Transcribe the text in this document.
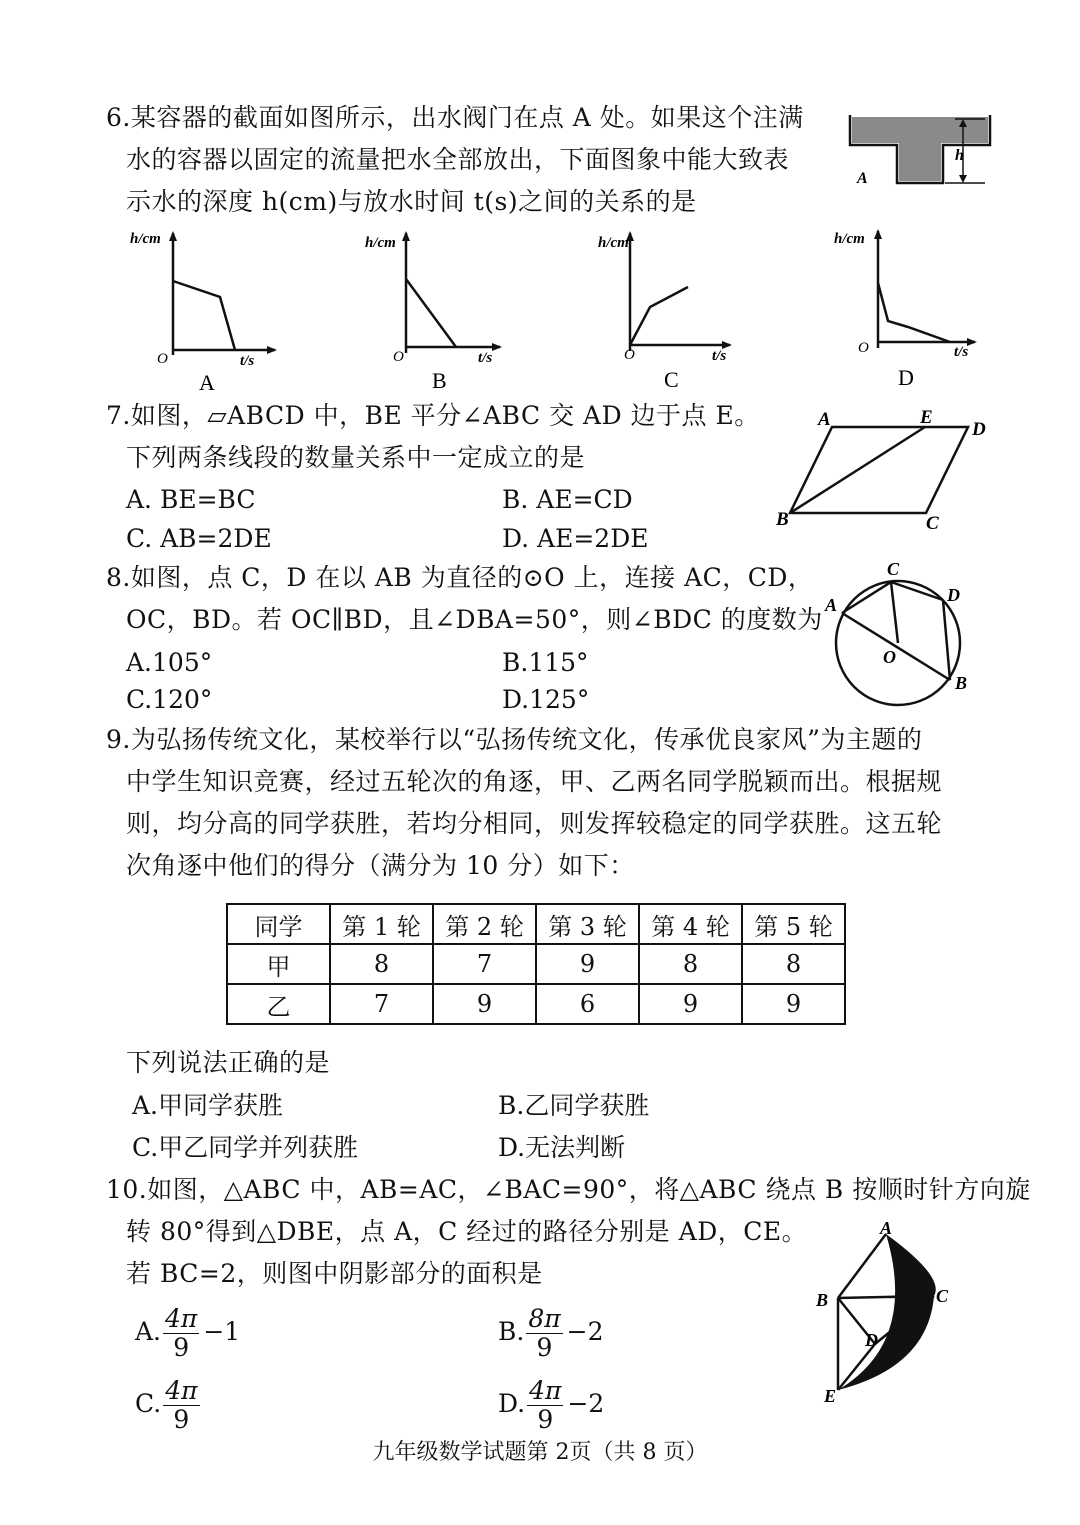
6.某容器的截面如图所示，出水阀门在点 A 处。如果这个注满
水的容器以固定的流量把水全部放出，下面图象中能大致表
示水的深度 h(cm)与放水时间 t(s)之间的关系的是
h
A
h/cm
t/s
O
A
h/cm
t/s
O
B
h/cm
t/s
O
C
h/cm
t/s
O
D
7.如图，▱ABCD 中，BE 平分∠ABC 交 AD 边于点 E。
下列两条线段的数量关系中一定成立的是
A. BE=BC	B. AE=CD
C. AB=2DE	D. AE=2DE
A	E
D
B	C
8.如图，点 C，D 在以 AB 为直径的⊙O 上，连接 AC，CD，
OC，BD。若 OC∥BD，且∠DBA=50°，则∠BDC 的度数为
A.105°	B.115°
C.120°	D.125°
C
D
A
O
B
9.为弘扬传统文化，某校举行以“弘扬传统文化，传承优良家风”为主题的
中学生知识竞赛，经过五轮次的角逐，甲、乙两名同学脱颖而出。根据规
则，均分高的同学获胜，若均分相同，则发挥较稳定的同学获胜。这五轮
次角逐中他们的得分（满分为 10 分）如下：
同学	第 1 轮	第 2 轮	第 3 轮	第 4 轮	第 5 轮
甲	8	7	9	8	8
乙	7	9	6	9	9
下列说法正确的是
A.甲同学获胜	B.乙同学获胜
C.甲乙同学并列获胜	D.无法判断
10.如图，△ABC 中，AB=AC，∠BAC=90°，将△ABC 绕点 B 按顺时针方向旋
转 80°得到△DBE，点 A，C 经过的路径分别是 AD，CE。
若 BC=2，则图中阴影部分的面积是
A. $\frac{4\pi}{9} -1$	B. $\frac{8\pi}{9} -2$
C. $\frac{4\pi}{9}$	D. $\frac{4\pi}{9} -2$
A
B	C
D
E
九年级数学试题第 2页（共 8 页）
